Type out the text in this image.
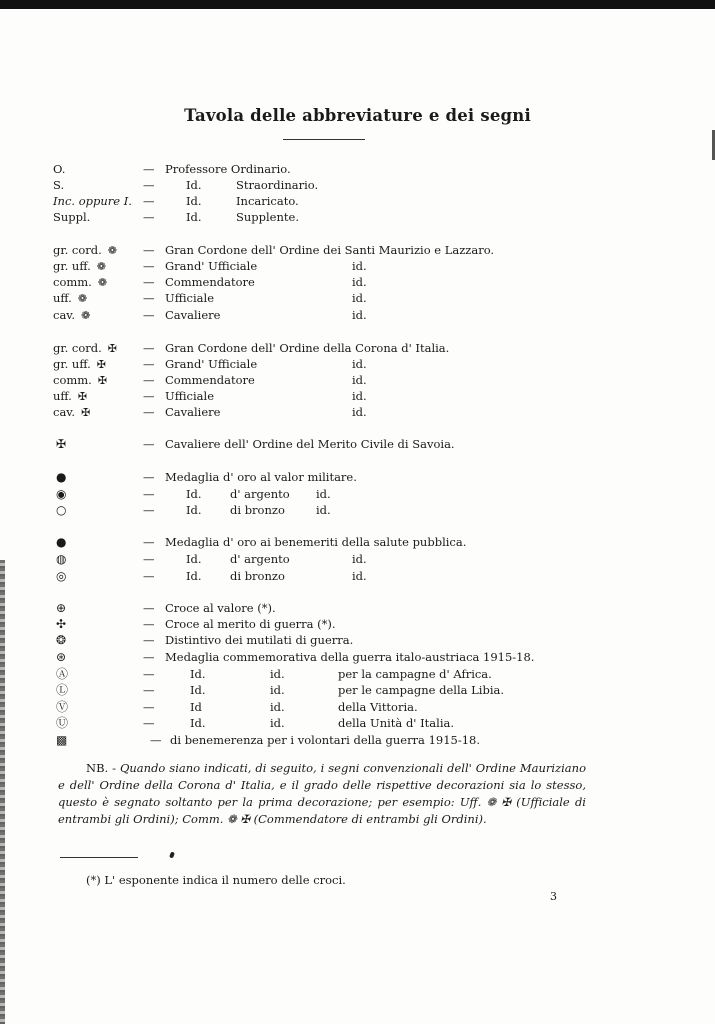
Tavola delle abbreviature e dei segni
O.	— Professore Ordinario.
S.	—	Id.	Straordinario.
Inc. oppure I. —	Id.	Incaricato.
Suppl.	—	Id.	Supplente.
gr. cord. ❁ — Gran Cordone dell' Ordine dei Santi Maurizio e Lazzaro.
gr. uff. ❁	— Grand' Ufficiale	id.
comm. ❁	— Commendatore	id.
uff. ❁	— Ufficiale	id.
cav. ❁	— Cavaliere	id.
gr. cord. ✠ — Gran Cordone dell' Ordine della Corona d' Italia.
gr. uff. ✠	— Grand' Ufficiale	id.
comm. ✠	— Commendatore	id.
uff. ✠	— Ufficiale	id.
cav. ✠	— Cavaliere	id.
✠	— Cavaliere dell' Ordine del Merito Civile di Savoia.
●	— Medaglia d' oro al valor militare.
◉	—	Id. d' argento id.
○	—	Id. di bronzo	id.
●	— Medaglia d' oro ai benemeriti della salute pubblica.
◍	—	Id. d' argento	id.
◎	—	Id. di bronzo	id.
⊕	— Croce al valore (*).
✣	— Croce al merito di guerra (*).
❂	— Distintivo dei mutilati di guerra.
⊛	— Medaglia commemorativa della guerra italo-austriaca 1915-18.
Ⓐ	—	Id.	id.	per la campagne d' Africa.
Ⓛ	—	Id.	id.	per le campagne della Libia.
Ⓥ	—	Id	id.	della Vittoria.
Ⓤ	—	Id.	id.	della Unità d' Italia.
▩	— di benemerenza per i volontari della guerra 1915-18.
NB. - Quando siano indicati, di seguito, i segni convenzionali dell' Ordine Mauriziano e dell' Ordine della Corona d' Italia, e il grado delle rispettive decorazioni sia lo stesso, questo è segnato soltanto per la prima decorazione; per esempio: Uff. ❁ ✠ (Ufficiale di entrambi gli Ordini); Comm. ❁ ✠ (Commendatore di entrambi gli Ordini).
(*) L' esponente indica il numero delle croci.
3
